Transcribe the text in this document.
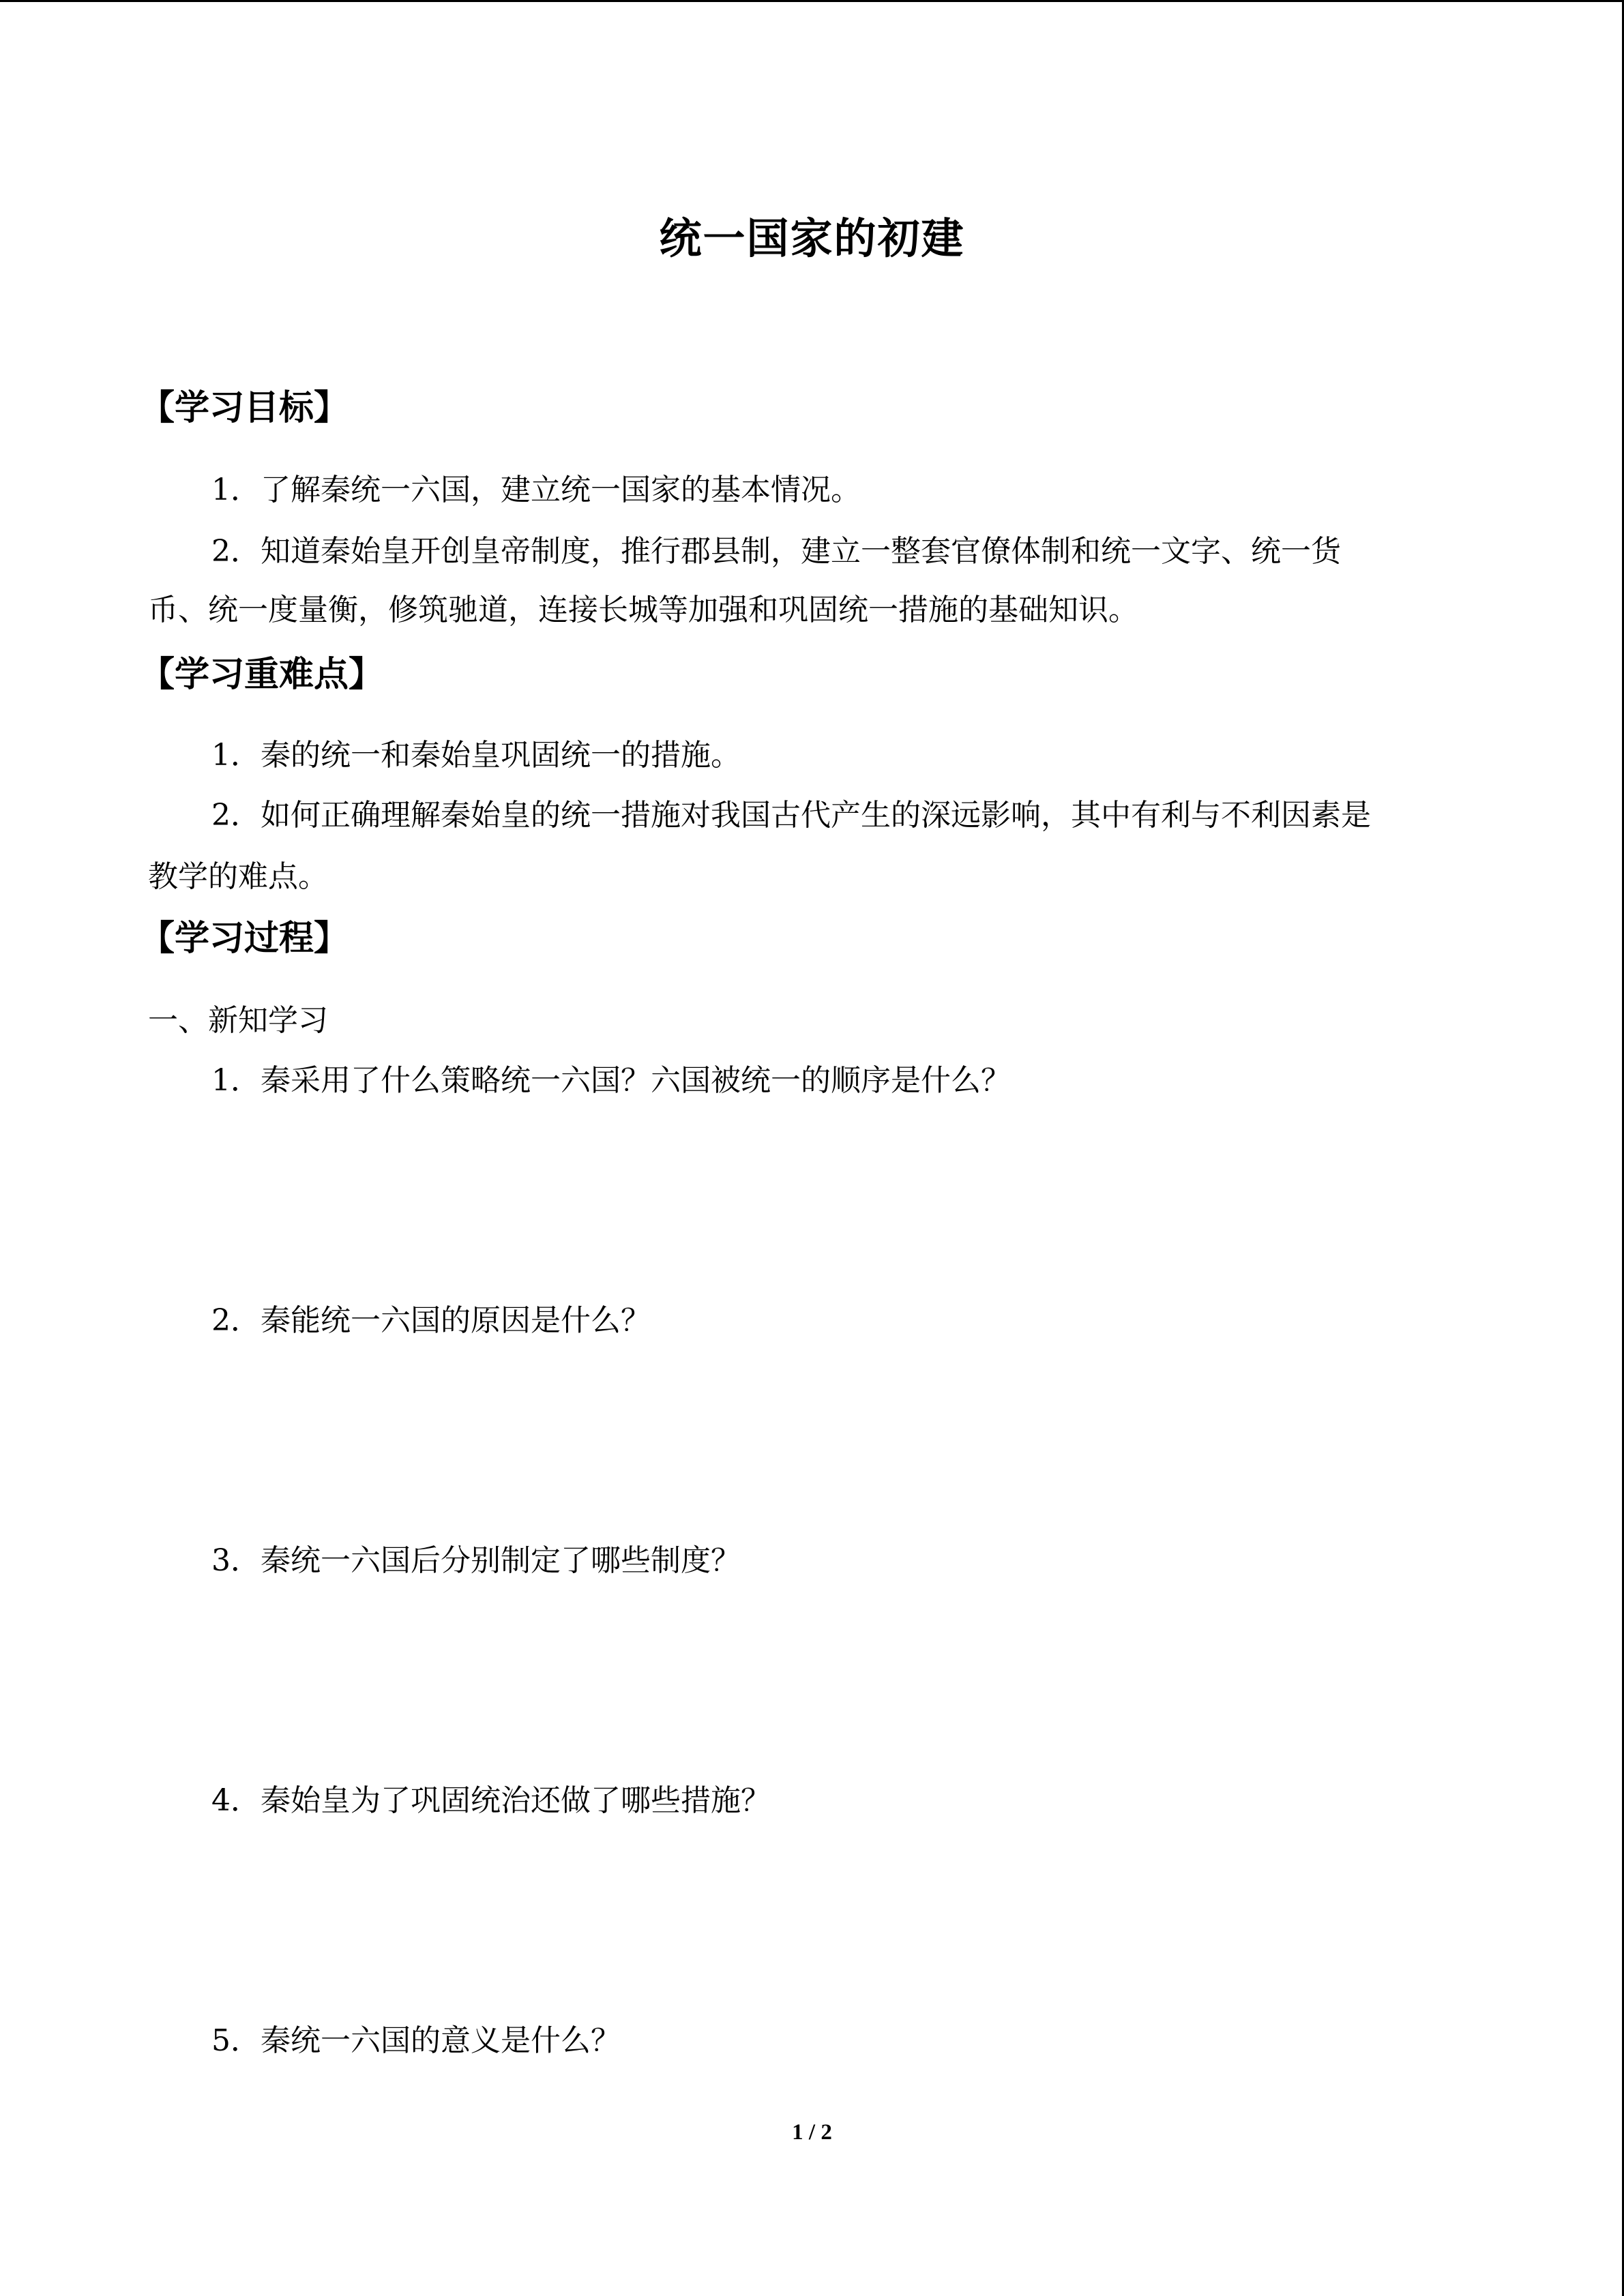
统一国家的初建
【学习目标】
1．了解秦统一六国，建立统一国家的基本情况。
2．知道秦始皇开创皇帝制度，推行郡县制，建立一整套官僚体制和统一文字、统一货
币、统一度量衡，修筑驰道，连接长城等加强和巩固统一措施的基础知识。
【学习重难点】
1．秦的统一和秦始皇巩固统一的措施。
2．如何正确理解秦始皇的统一措施对我国古代产生的深远影响，其中有利与不利因素是
教学的难点。
【学习过程】
一、新知学习
1．秦采用了什么策略统一六国？六国被统一的顺序是什么？
2．秦能统一六国的原因是什么？
3．秦统一六国后分别制定了哪些制度？
4．秦始皇为了巩固统治还做了哪些措施？
5．秦统一六国的意义是什么？
1 / 2
